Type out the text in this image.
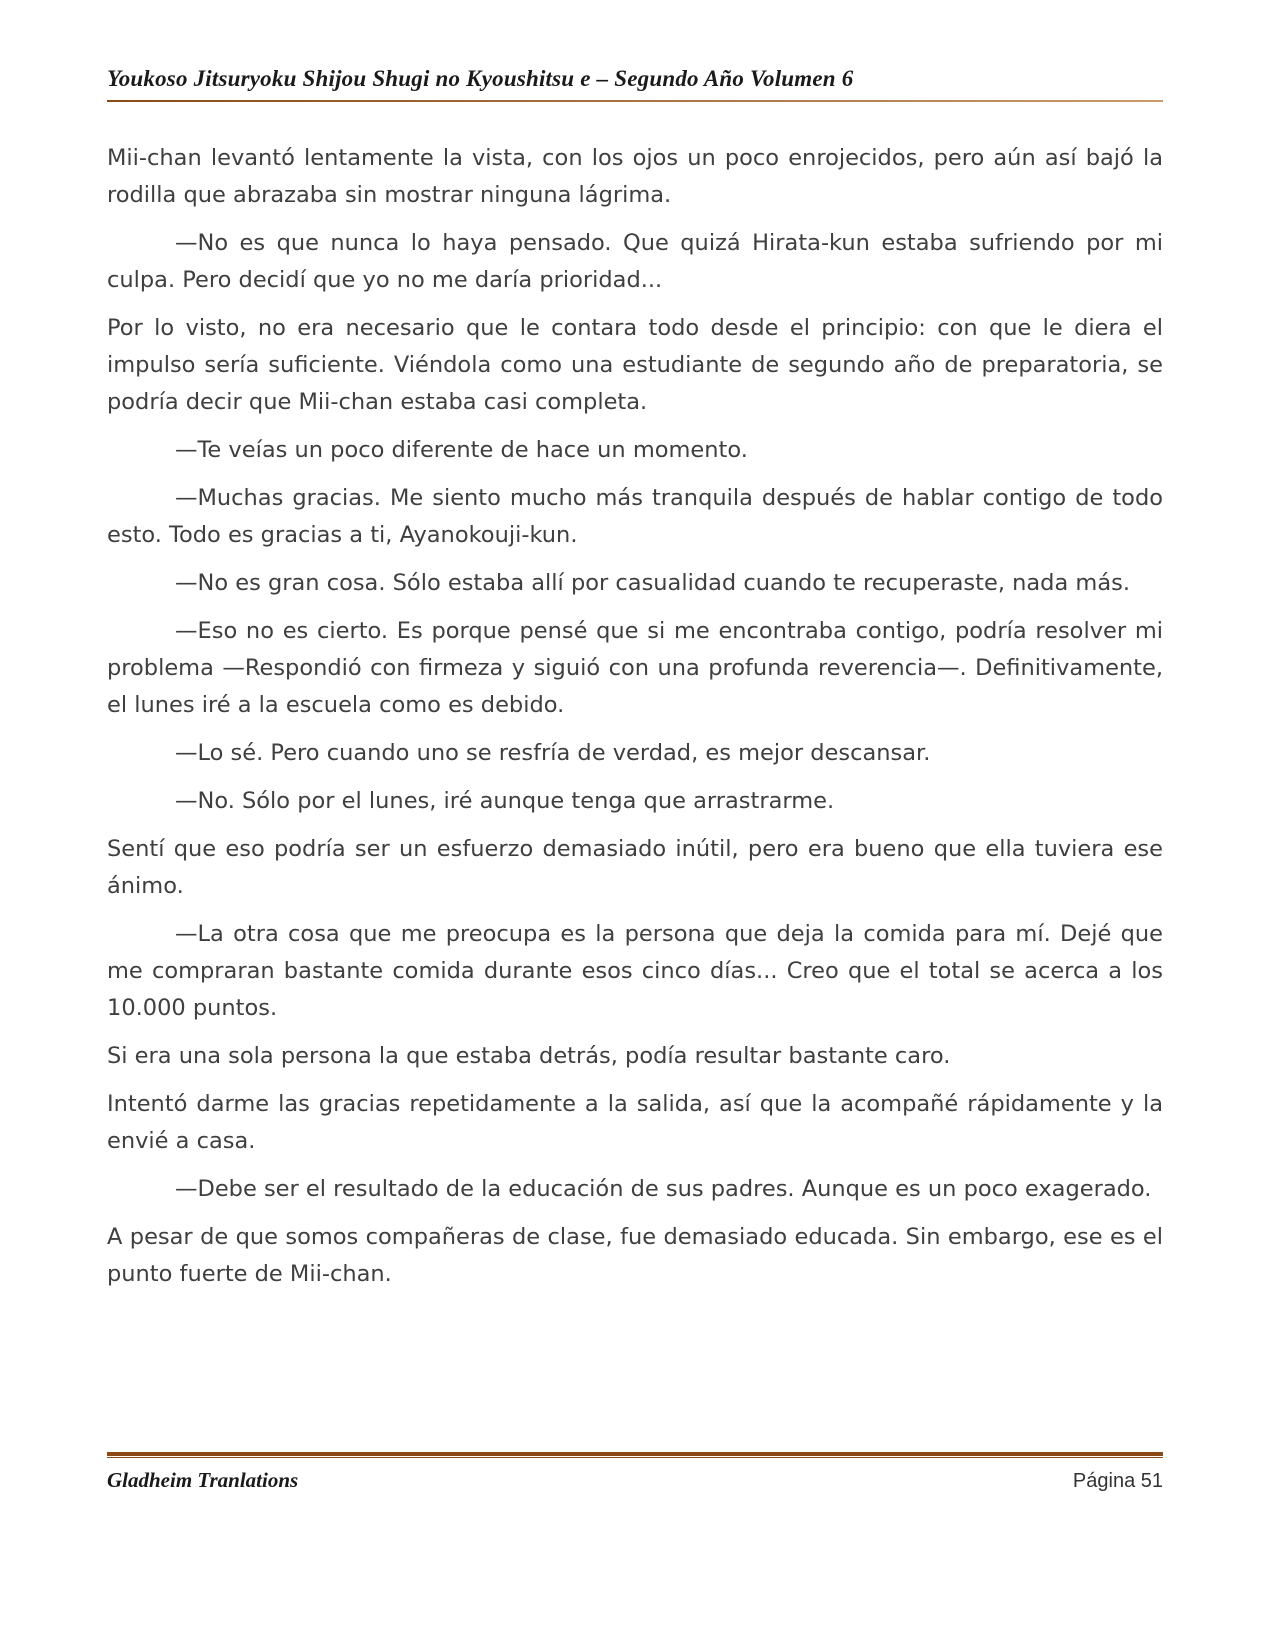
Youkoso Jitsuryoku Shijou Shugi no Kyoushitsu e – Segundo Año Volumen 6

Mii-chan levantó lentamente la vista, con los ojos un poco enrojecidos, pero aún así bajó la rodilla que abrazaba sin mostrar ninguna lágrima.

—No es que nunca lo haya pensado. Que quizá Hirata-kun estaba sufriendo por mi culpa. Pero decidí que yo no me daría prioridad...

Por lo visto, no era necesario que le contara todo desde el principio: con que le diera el impulso sería suficiente. Viéndola como una estudiante de segundo año de preparatoria, se podría decir que Mii-chan estaba casi completa.

—Te veías un poco diferente de hace un momento.

—Muchas gracias. Me siento mucho más tranquila después de hablar contigo de todo esto. Todo es gracias a ti, Ayanokouji-kun.

—No es gran cosa. Sólo estaba allí por casualidad cuando te recuperaste, nada más.

—Eso no es cierto. Es porque pensé que si me encontraba contigo, podría resolver mi problema —Respondió con firmeza y siguió con una profunda reverencia—. Definitivamente, el lunes iré a la escuela como es debido.

—Lo sé. Pero cuando uno se resfría de verdad, es mejor descansar.

—No. Sólo por el lunes, iré aunque tenga que arrastrarme.

Sentí que eso podría ser un esfuerzo demasiado inútil, pero era bueno que ella tuviera ese ánimo.

—La otra cosa que me preocupa es la persona que deja la comida para mí. Dejé que me compraran bastante comida durante esos cinco días... Creo que el total se acerca a los 10.000 puntos.

Si era una sola persona la que estaba detrás, podía resultar bastante caro.

Intentó darme las gracias repetidamente a la salida, así que la acompañé rápidamente y la envié a casa.

—Debe ser el resultado de la educación de sus padres. Aunque es un poco exagerado.

A pesar de que somos compañeras de clase, fue demasiado educada. Sin embargo, ese es el punto fuerte de Mii-chan.

Gladheim Tranlations	Página 51
